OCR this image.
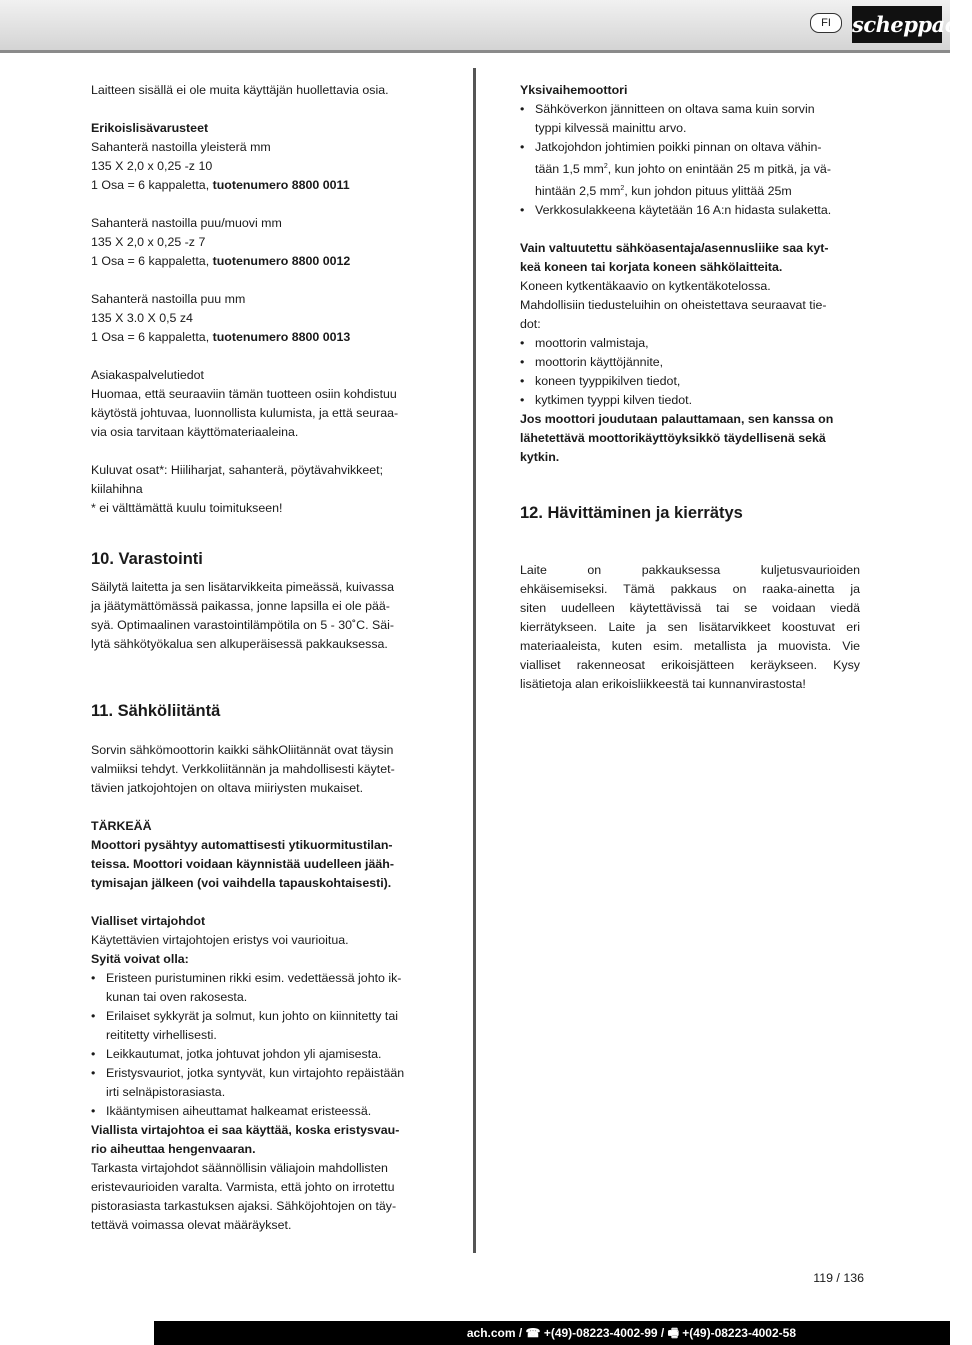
FI	scheppach

Laitteen sisällä ei ole muita käyttäjän huollettavia osia.

Erikoislisävarusteet

Sahanterä nastoilla yleisterä mm

135 X 2,0 x 0,25 -z 10

1 Osa = 6 kappaletta, tuotenumero 8800 0011

Sahanterä nastoilla puu/muovi mm

135 X 2,0 x 0,25 -z 7

1 Osa = 6 kappaletta, tuotenumero 8800 0012

Sahanterä nastoilla puu mm

135 X 3.0 X 0,5 z4

1 Osa = 6 kappaletta, tuotenumero 8800 0013

Asiakaspalvelutiedot

Huomaa, että seuraaviin tämän tuotteen osiin kohdistuu

käytöstä johtuvaa, luonnollista kulumista, ja että seuraa-

via osia tarvitaan käyttömateriaaleina.

Kuluvat osat*: Hiiliharjat, sahanterä, pöytävahvikkeet;

kiilahihna

* ei välttämättä kuulu toimitukseen!

10. Varastointi

Säilytä laitetta ja sen lisätarvikkeita pimeässä, kuivassa

ja jäätymättömässä paikassa, jonne lapsilla ei ole pää-

syä. Optimaalinen varastointilämpötila on 5 - 30˚C. Säi-

lytä sähkötyökalua sen alkuperäisessä pakkauksessa.

11. Sähköliitäntä

Sorvin sähkömoottorin kaikki sähkOliitännät ovat täysin

valmiiksi tehdyt. Verkkoliitännän ja mahdollisesti käytet-

tävien jatkojohtojen on oltava miiriysten mukaiset.

TÄRKEÄÄ

Moottori pysähtyy automattisesti ytikuormitustilan-

teissa. Moottori voidaan käynnistää uudelleen jääh-

tymisajan jälkeen (voi vaihdella tapauskohtaisesti).

Vialliset virtajohdot

Käytettävien virtajohtojen eristys voi vaurioitua.

Syitä voivat olla:

• Eristeen puristuminen rikki esim. vedettäessä johto ik-
kunan tai oven rakosesta.
• Erilaiset sykkyrät ja solmut, kun johto on kiinnitetty tai
reititetty virhellisesti.
• Leikkautumat, jotka johtuvat johdon yli ajamisesta.
• Eristysvauriot, jotka syntyvät, kun virtajohto repäistään
irti selnäpistorasiasta.
• Ikääntymisen aiheuttamat halkeamat eristeessä.

Viallista virtajohtoa ei saa käyttää, koska eristysvau-

rio aiheuttaa hengenvaaran.

Tarkasta virtajohdot säännöllisin väliajoin mahdollisten

eristevaurioiden varalta. Varmista, että johto on irrotettu

pistorasiasta tarkastuksen ajaksi. Sähköjohtojen on täy-

tettävä voimassa olevat määräykset.

Yksivaihemoottori

• Sähköverkon jännitteen on oltava sama kuin sorvin
typpi kilvessä mainittu arvo.
• Jatkojohdon johtimien poikki pinnan on oltava vähin-
tään 1,5 $mm^2$, kun johto on enintään 25 m pitkä, ja vä-
hintään 2,5 $mm^2$, kun johdon pituus ylittää 25m
• Verkkosulakkeena käytetään 16 A:n hidasta sulaketta.

Vain valtuutettu sähköasentaja/asennusliike saa kyt-

keä koneen tai korjata koneen sähkölaitteita.

Koneen kytkentäkaavio on kytkentäkotelossa.

Mahdollisiin tiedusteluihin on oheistettava seuraavat tie-

dot:

• moottorin valmistaja,
• moottorin käyttöjännite,
• koneen tyyppikilven tiedot,
• kytkimen tyyppi kilven tiedot.

Jos moottori joudutaan palauttamaan, sen kanssa on

lähetettävä moottorikäyttöyksikkö täydellisenä sekä

kytkin.

12. Hävittäminen ja kierrätys

Laite on pakkauksessa kuljetusvaurioiden

ehkäisemiseksi. Tämä pakkaus on raaka-ainetta ja

siten uudelleen käytettävissä tai se voidaan viedä

kierrätykseen. Laite ja sen lisätarvikkeet koostuvat eri

materiaaleista, kuten esim. metallista ja muovista. Vie

vialliset rakenneosat erikoisjätteen keräykseen. Kysy

lisätietoja alan erikoisliikkeestä tai kunnanvirastosta!

119 / 136
ach.com / ☎ +(49)-08223-4002-99 / 🖷 +(49)-08223-4002-58
